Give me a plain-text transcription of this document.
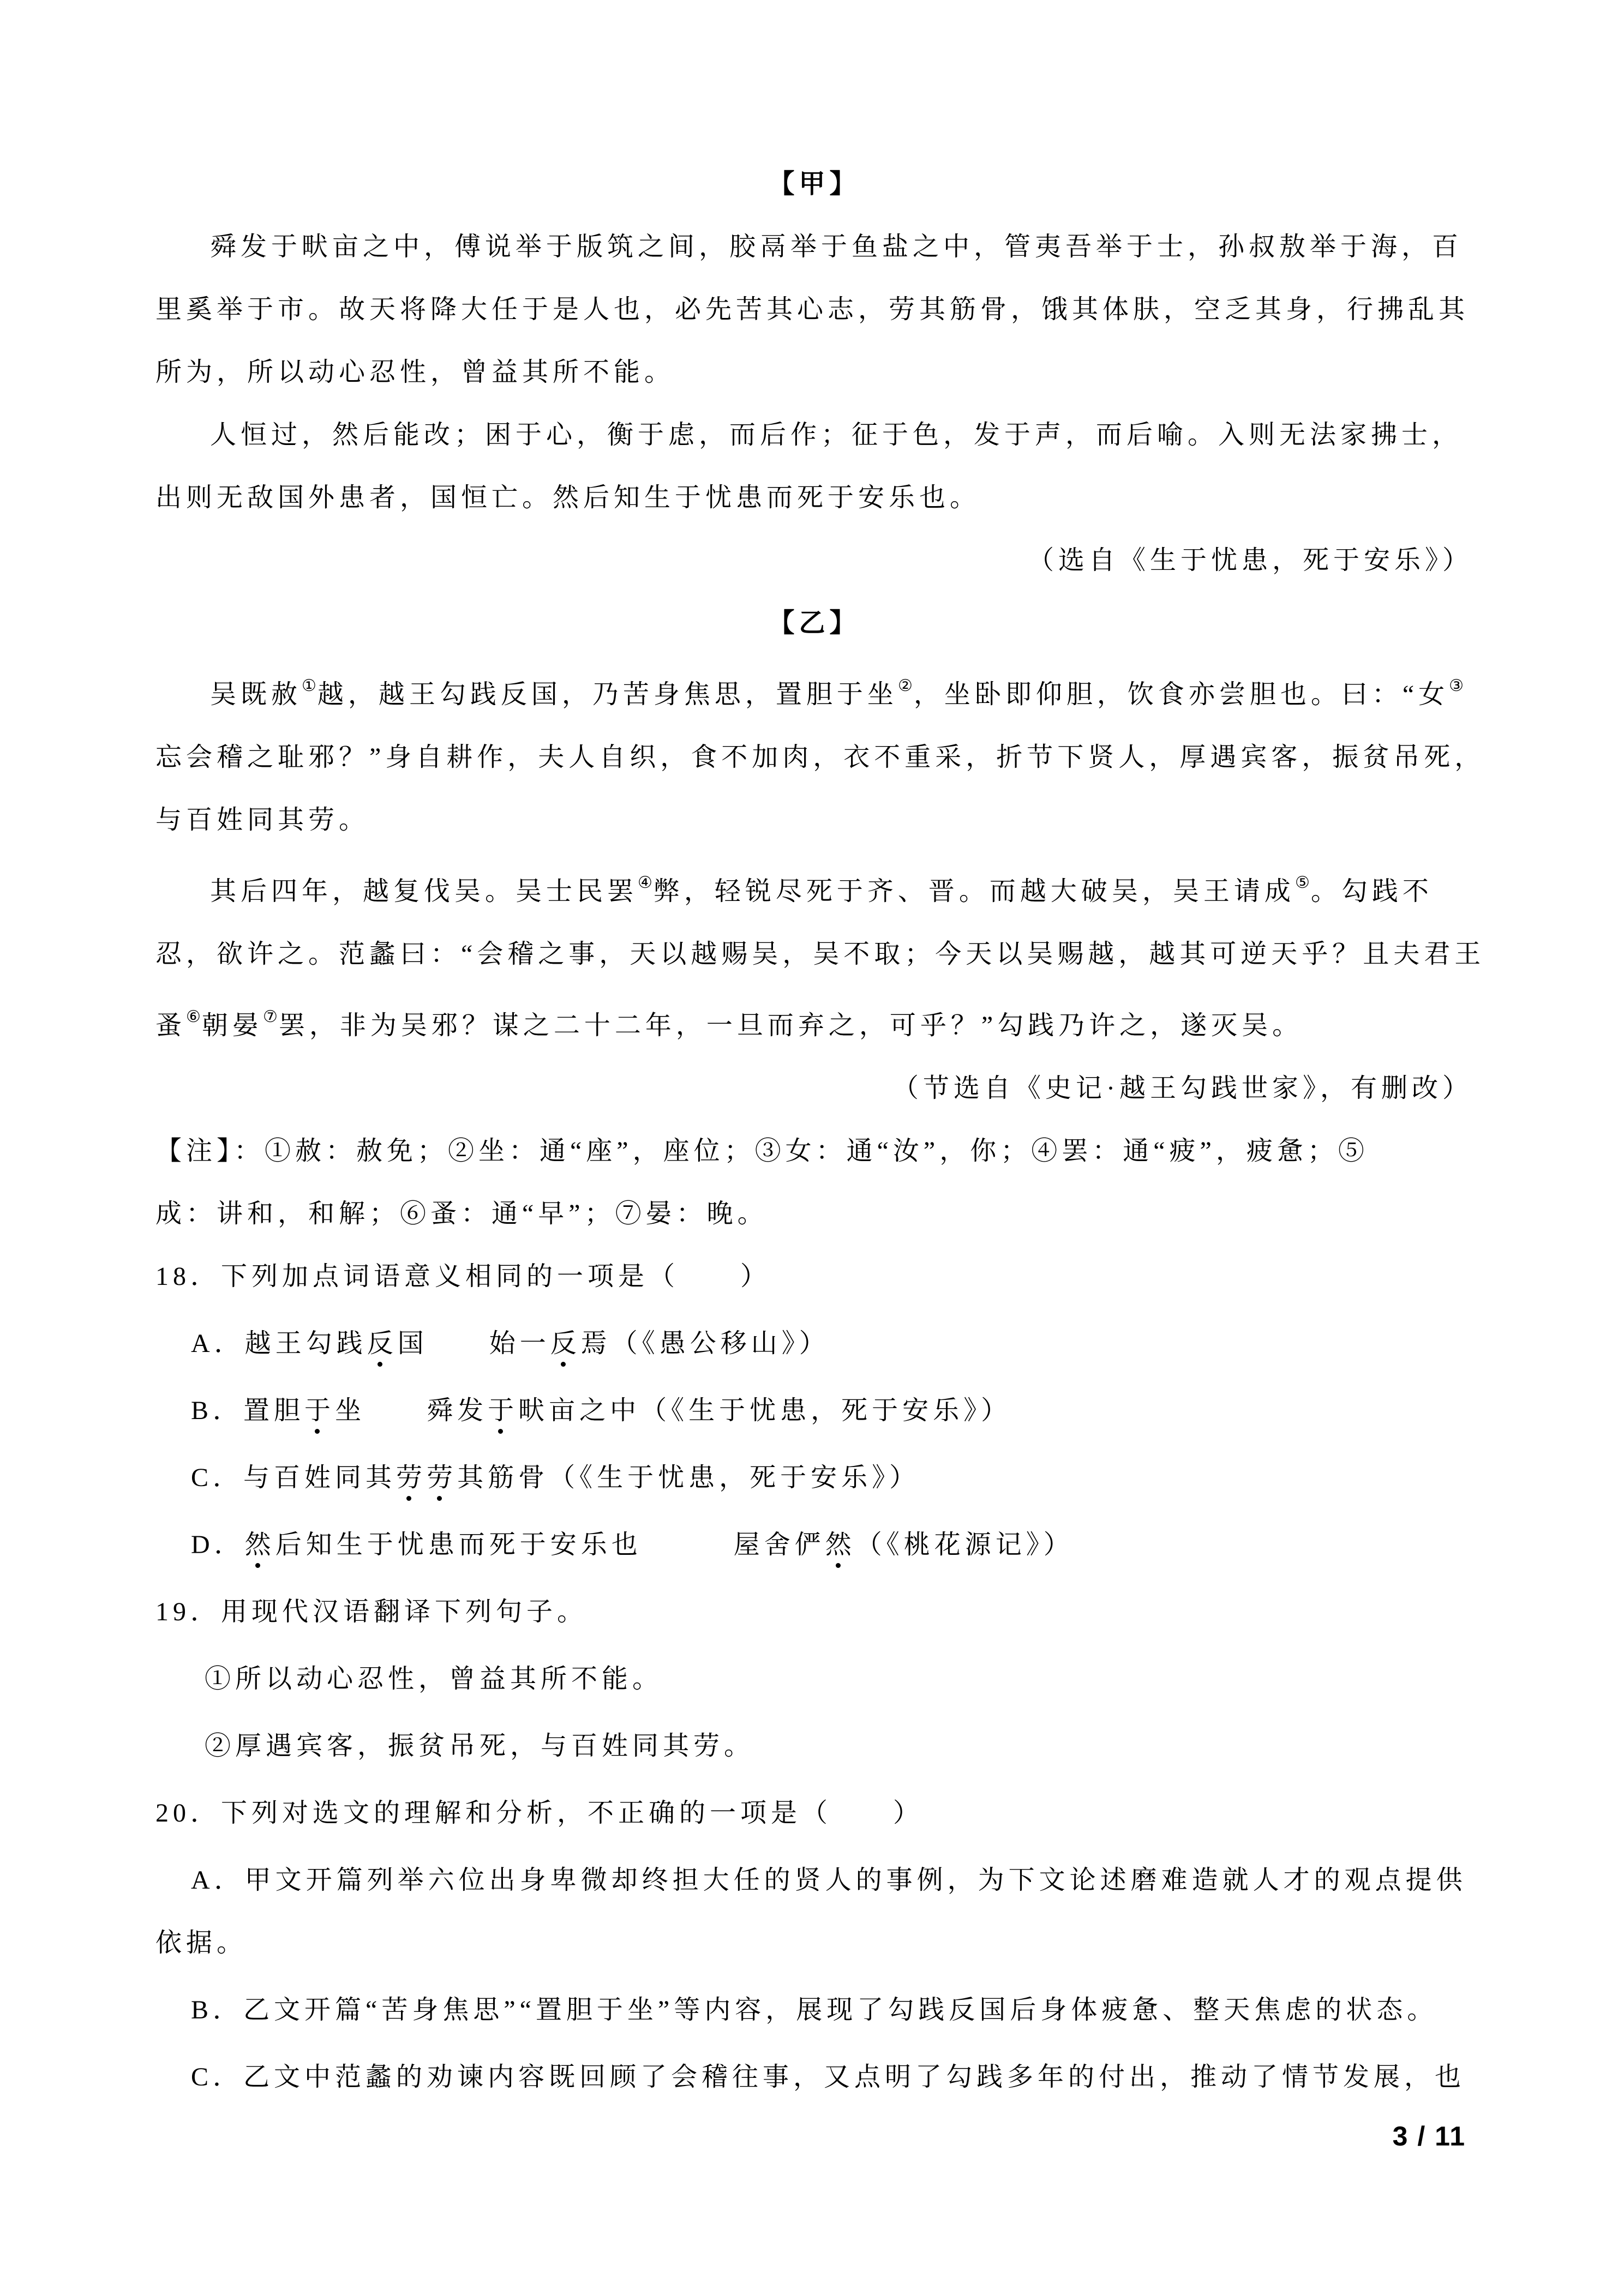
【甲】
舜发于畎亩之中，傅说举于版筑之间，胶鬲举于鱼盐之中，管夷吾举于士，孙叔敖举于海，百
里奚举于市。故天将降大任于是人也，必先苦其心志，劳其筋骨，饿其体肤，空乏其身，行拂乱其
所为，所以动心忍性，曾益其所不能。
人恒过，然后能改；困于心，衡于虑，而后作；征于色，发于声，而后喻。入则无法家拂士，
出则无敌国外患者，国恒亡。然后知生于忧患而死于安乐也。
（选自《生于忧患，死于安乐》）
【乙】
吴既赦①越，越王勾践反国，乃苦身焦思，置胆于坐②，坐卧即仰胆，饮食亦尝胆也。曰：“女③
忘会稽之耻邪？”身自耕作，夫人自织，食不加肉，衣不重采，折节下贤人，厚遇宾客，振贫吊死，
与百姓同其劳。
其后四年，越复伐吴。吴士民罢④弊，轻锐尽死于齐、晋。而越大破吴，吴王请成⑤。勾践不
忍，欲许之。范蠡曰：“会稽之事，天以越赐吴，吴不取；今天以吴赐越，越其可逆天乎？且夫君王
蚤⑥朝晏⑦罢，非为吴邪？谋之二十二年，一旦而弃之，可乎？”勾践乃许之，遂灭吴。
（节选自《史记·越王勾践世家》，有删改）
【注】：①赦：赦免；②坐：通“座”，座位；③女：通“汝”，你；④罢：通“疲”，疲惫；⑤
成：讲和，和解；⑥蚤：通“早”；⑦晏：晚。
18．下列加点词语意义相同的一项是（　　）
A．越王勾践反国　　始一反焉（《愚公移山》）
B．置胆于坐　　舜发于畎亩之中（《生于忧患，死于安乐》）
C．与百姓同其劳劳其筋骨（《生于忧患，死于安乐》）
D．然后知生于忧患而死于安乐也　　　屋舍俨然（《桃花源记》）
19．用现代汉语翻译下列句子。
①所以动心忍性，曾益其所不能。
②厚遇宾客，振贫吊死，与百姓同其劳。
20．下列对选文的理解和分析，不正确的一项是（　　）
A．甲文开篇列举六位出身卑微却终担大任的贤人的事例，为下文论述磨难造就人才的观点提供
依据。
B．乙文开篇“苦身焦思”“置胆于坐”等内容，展现了勾践反国后身体疲惫、整天焦虑的状态。
C．乙文中范蠡的劝谏内容既回顾了会稽往事，又点明了勾践多年的付出，推动了情节发展，也
3 / 11
